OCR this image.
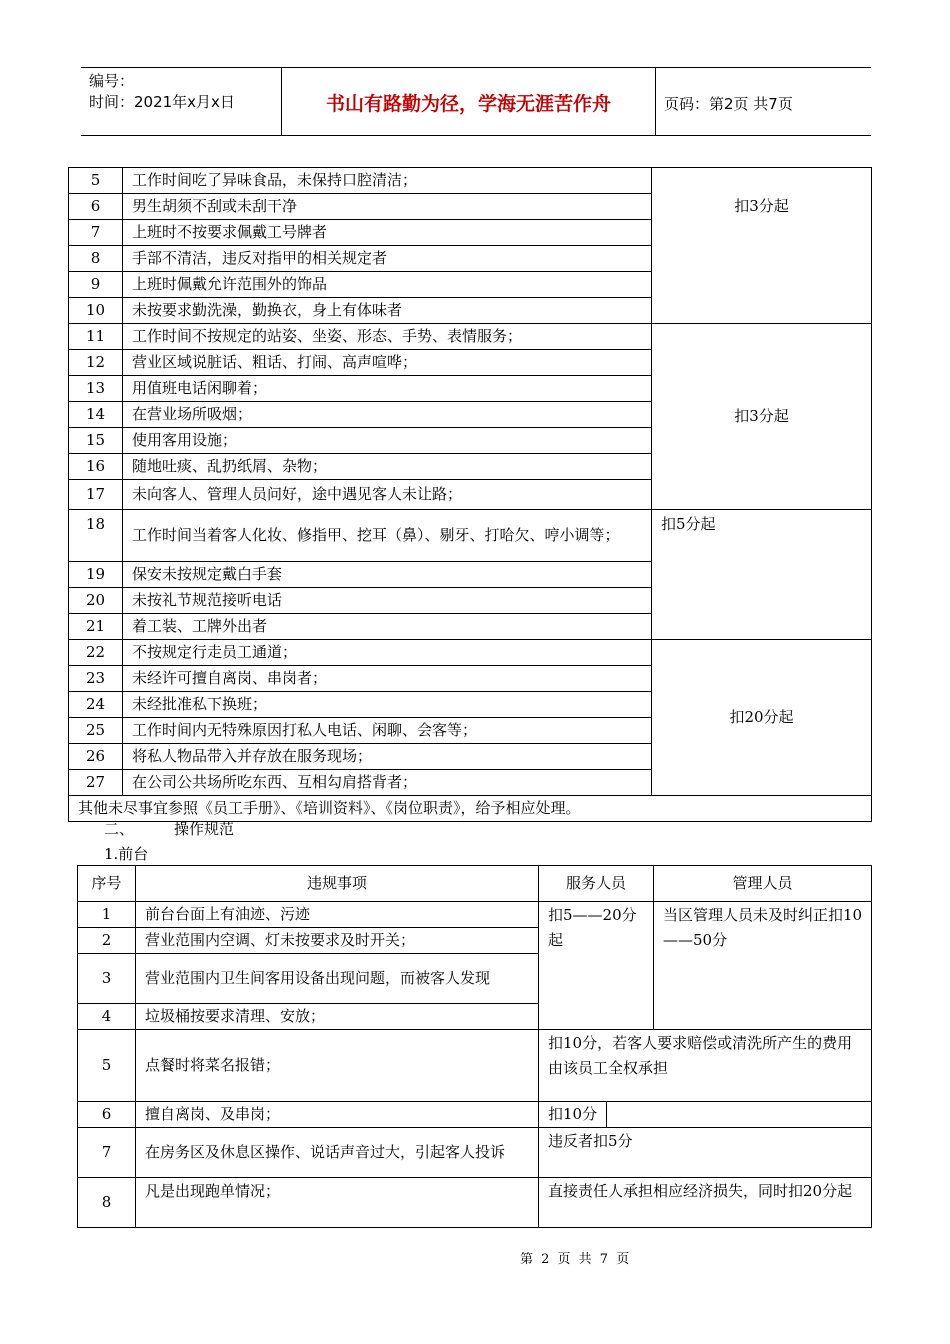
编号：
时间：2021年x月x日	书山有路勤为径，学海无涯苦作舟	页码：第2页 共7页
5	工作时间吃了异味食品，未保持口腔清洁；	扣3分起

6	男生胡须不刮或未刮干净	
7	上班时不按要求佩戴工号牌者	
8	手部不清洁，违反对指甲的相关规定者	
9	上班时佩戴允许范围外的饰品	
10	未按要求勤洗澡，勤换衣，身上有体味者	
11	工作时间不按规定的站姿、坐姿、形态、手势、表情服务；	扣3分起

12	营业区域说脏话、粗话、打闹、高声喧哗；	
13	用值班电话闲聊着；	
14	在营业场所吸烟；	
15	使用客用设施；	
16	随地吐痰、乱扔纸屑、杂物；	
17	未向客人、管理人员问好，途中遇见客人未让路；	
18	工作时间当着客人化妆、修指甲、挖耳（鼻）、剔牙、打哈欠、哼小调等；	扣5分起

19	保安未按规定戴白手套	
20	未按礼节规范接听电话	
21	着工装、工牌外出者	
22	不按规定行走员工通道；	扣20分起

23	未经许可擅自离岗、串岗者；	
24	未经批准私下换班；	
25	工作时间内无特殊原因打私人电话、闲聊、会客等；	
26	将私人物品带入并存放在服务现场；	
27	在公司公共场所吃东西、互相勾肩搭背者；	
其他未尽事宜参照《员工手册》、《培训资料》、《岗位职责》，给予相应处理。		
二、	操作规范
1.前台
序号	违规事项	服务人员	管理人员
1	前台台面上有油迹、污迹	扣5——20分起	当区管理人员未及时纠正扣10——50分

2	营业范围内空调、灯未按要求及时开关；		
3	营业范围内卫生间客用设备出现问题，而被客人发现		
4	垃圾桶按要求清理、安放；		
5	点餐时将菜名报错；	扣10分，若客人要求赔偿或清洗所产生的费用由该员工全权承担	

6	擅自离岗、及串岗；	扣10分	

7	在房务区及休息区操作、说话声音过大，引起客人投诉	违反者扣5分	

8	凡是出现跑单情况；	直接责任人承担相应经济损失，同时扣20分起	
第 2 页 共 7 页
